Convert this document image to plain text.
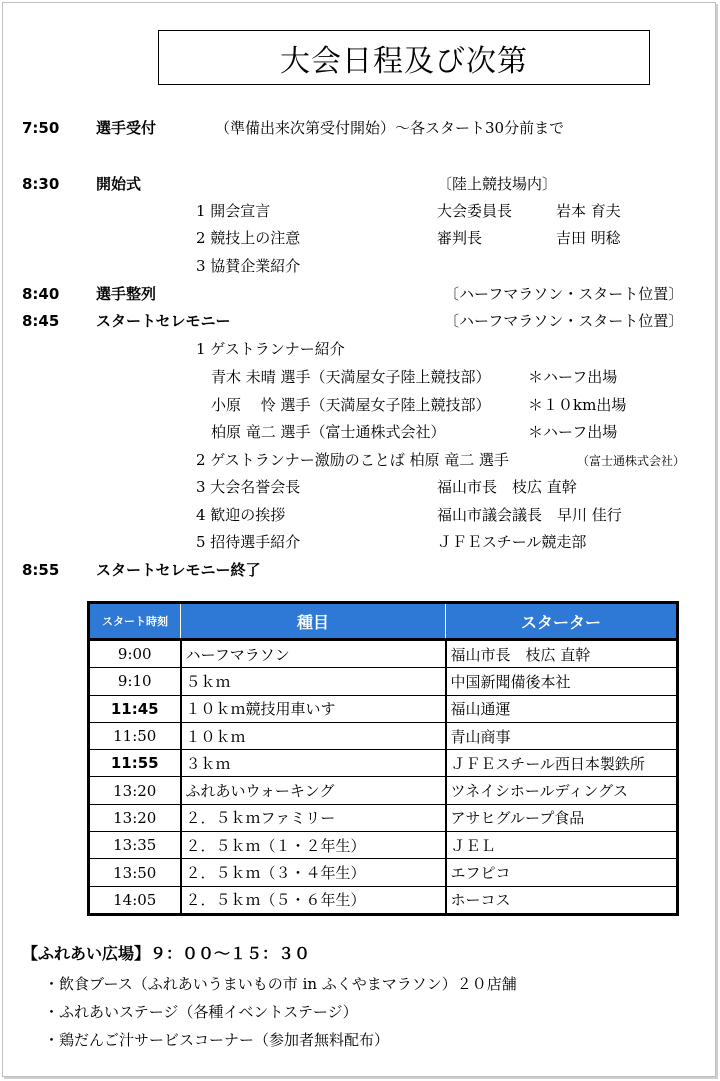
大会日程及び次第
7:50 選手受付	（準備出来次第受付開始）～各スタート30分前まで
8:30 開始式	〔陸上競技場内〕
1 開会宣言	大会委員長	岩本 育夫
2 競技上の注意	審判長	吉田 明稔
3 協賛企業紹介
8:40 選手整列	〔ハーフマラソン・スタート位置〕
8:45 スタートセレモニー	〔ハーフマラソン・スタート位置〕
1 ゲストランナー紹介
青木 未晴 選手（天満屋女子陸上競技部） ＊ハーフ出場
小原　 怜 選手（天満屋女子陸上競技部） ＊１０km出場
柏原 竜二 選手（富士通株式会社）	＊ハーフ出場
2 ゲストランナー激励のことば 柏原 竜二 選手	（富士通株式会社）
3 大会名誉会長	福山市長　枝広 直幹
4 歓迎の挨拶	福山市議会議長　早川 佳行
5 招待選手紹介	ＪＦＥスチール競走部
8:55 スタートセレモニー終了
スタート時刻	種目	スターター
9:00	ハーフマラソン	福山市長　枝広 直幹
9:10	５ｋｍ	中国新聞備後本社
11:45	１０ｋｍ競技用車いす	福山通運
11:50	１０ｋｍ	青山商事
11:55	３ｋｍ	ＪＦＥスチール西日本製鉄所
13:20	ふれあいウォーキング	ツネイシホールディングス
13:20	２．５ｋｍファミリー	アサヒグループ食品
13:35	２．５ｋｍ（１・２年生）	ＪＥＬ
13:50	２．５ｋｍ（３・４年生）	エフピコ
14:05	２．５ｋｍ（５・６年生）	ホーコス
【ふれあい広場】９：００～１５：３０
・飲食ブース（ふれあいうまいもの市 in ふくやまマラソン）２０店舗
・ふれあいステージ（各種イベントステージ）
・鶏だんご汁サービスコーナー（参加者無料配布）
